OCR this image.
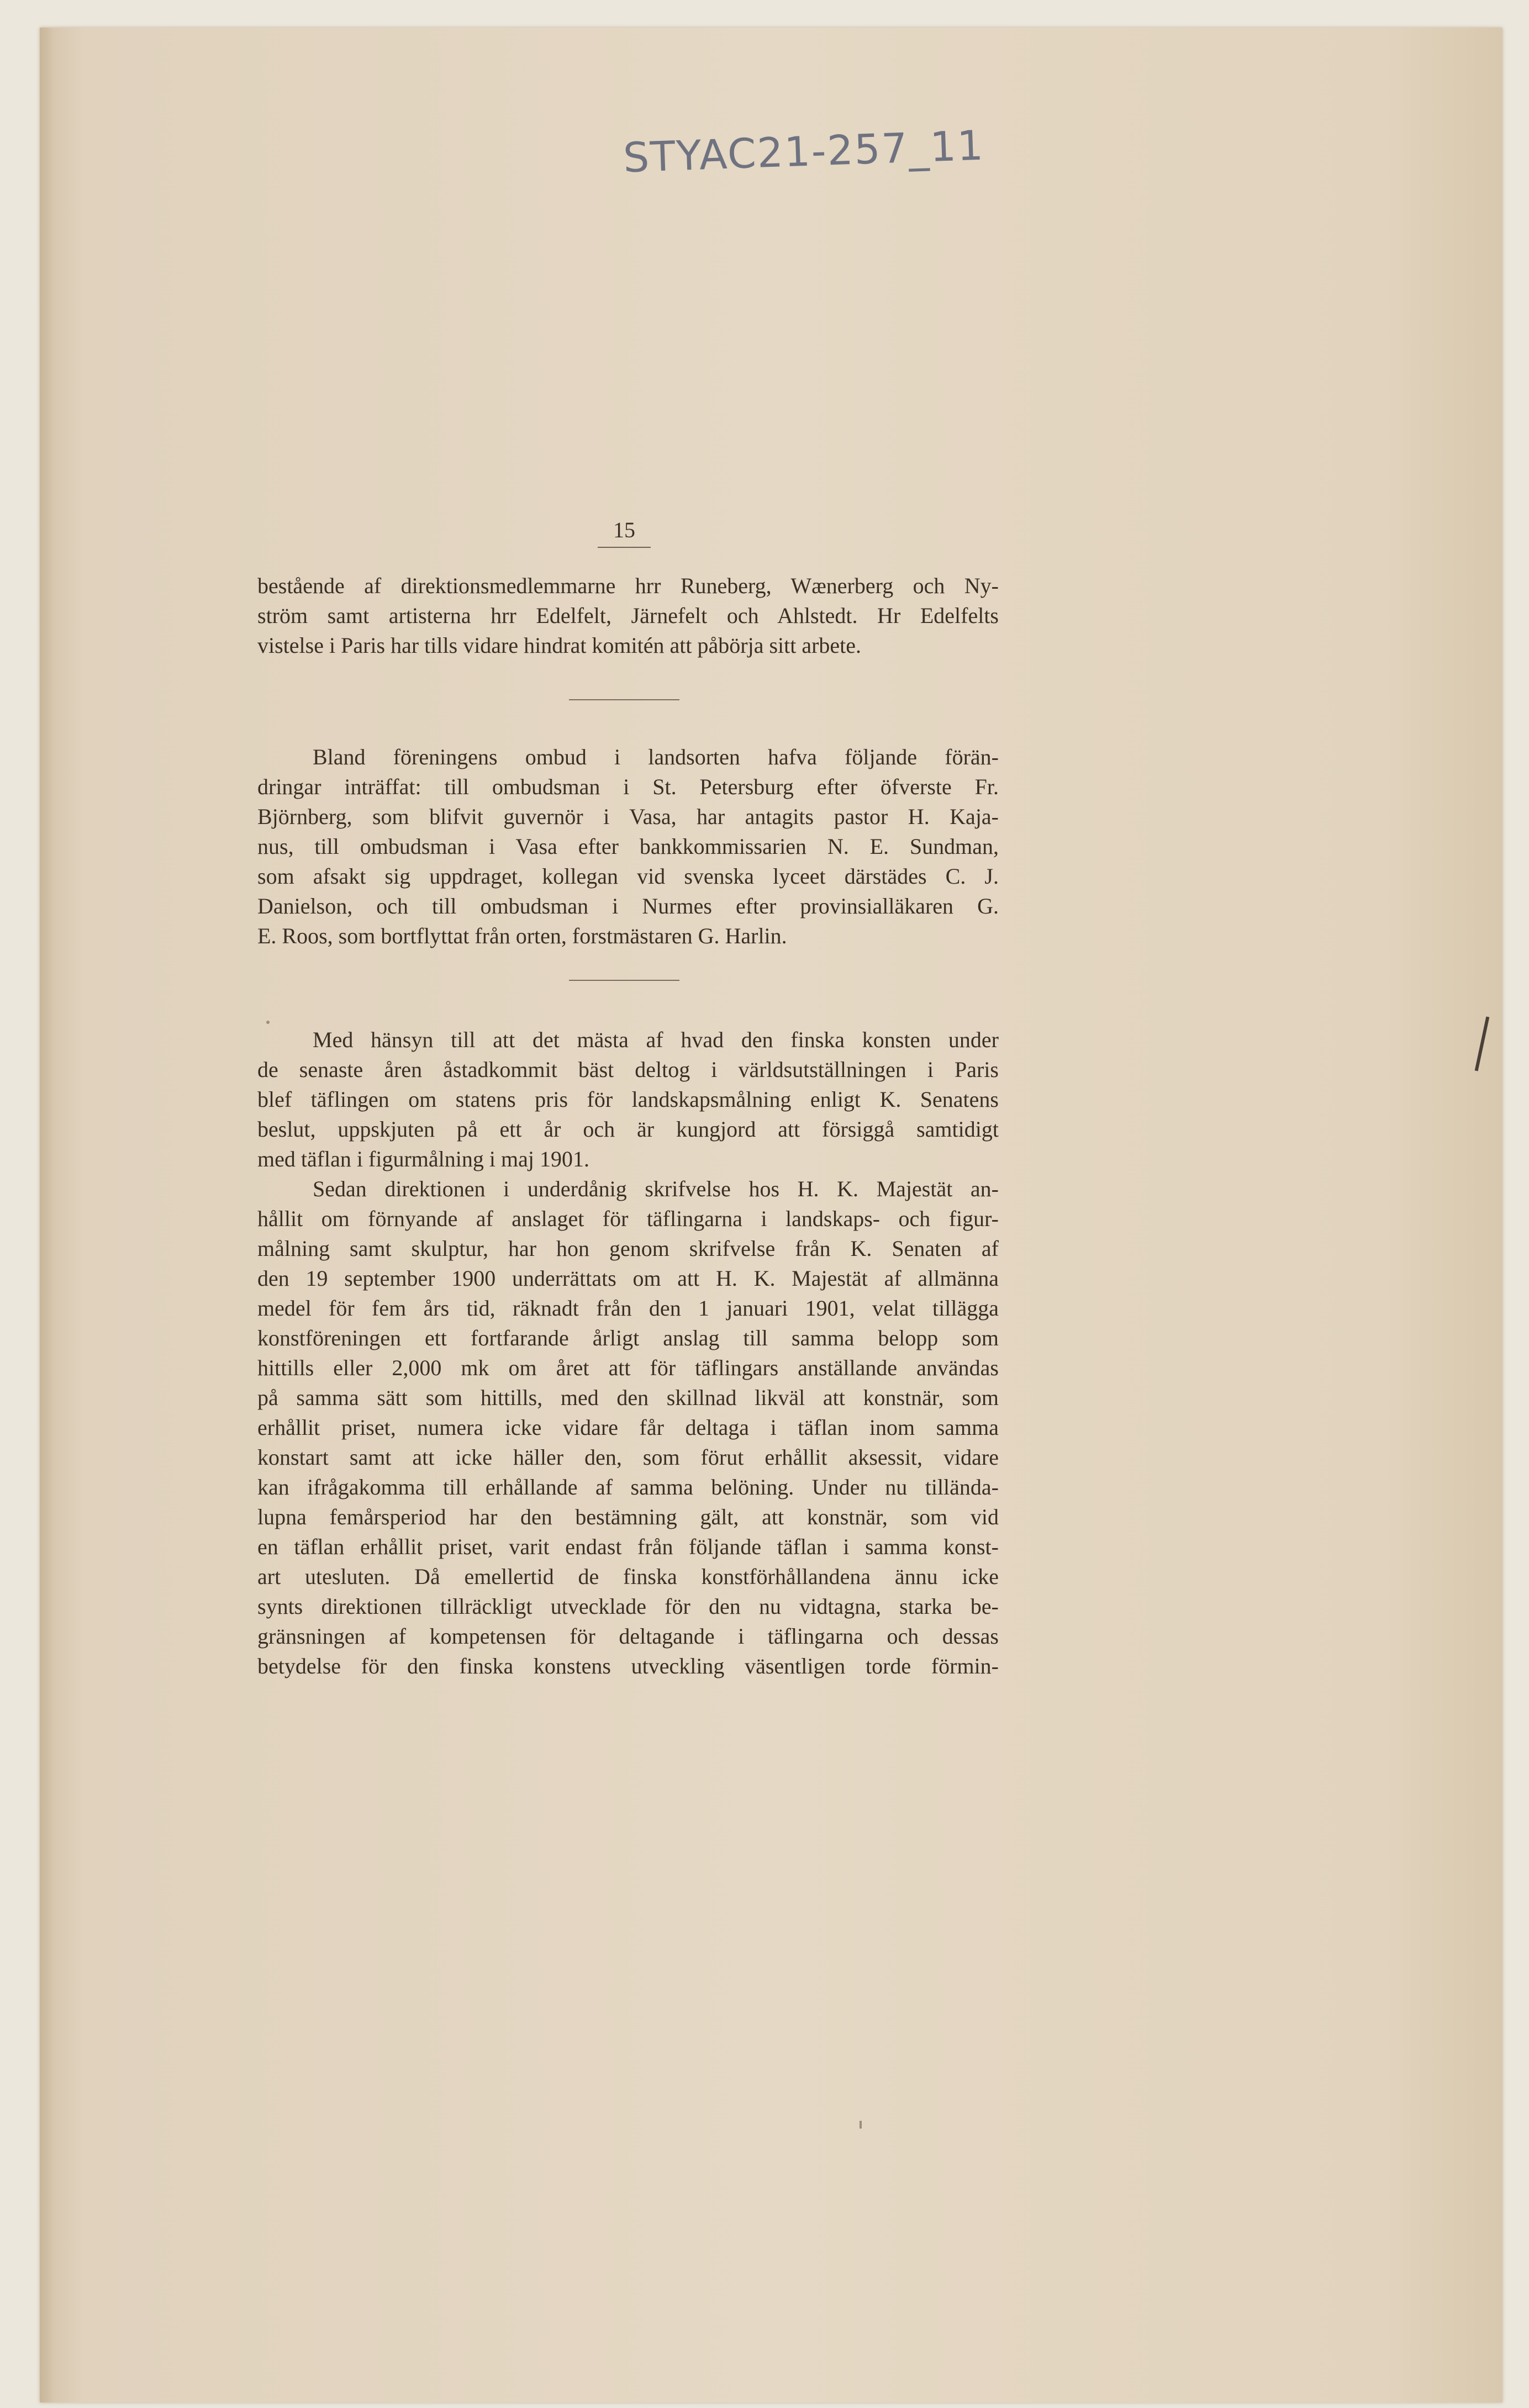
STYAC21-257_11
15
bestående af direktionsmedlemmarne hrr Runeberg, Wænerberg och Ny-
ström samt artisterna hrr Edelfelt, Järnefelt och Ahlstedt. Hr Edelfelts
vistelse i Paris har tills vidare hindrat komitén att påbörja sitt arbete.
Bland föreningens ombud i landsorten hafva följande förän-
dringar inträffat: till ombudsman i St. Petersburg efter öfverste Fr.
Björnberg, som blifvit guvernör i Vasa, har antagits pastor H. Kaja-
nus, till ombudsman i Vasa efter bankkommissarien N. E. Sundman,
som afsakt sig uppdraget, kollegan vid svenska lyceet därstädes C. J.
Danielson, och till ombudsman i Nurmes efter provinsialläkaren G.
E. Roos, som bortflyttat från orten, forstmästaren G. Harlin.
Med hänsyn till att det mästa af hvad den finska konsten under
de senaste åren åstadkommit bäst deltog i världsutställningen i Paris
blef täflingen om statens pris för landskapsmålning enligt K. Senatens
beslut, uppskjuten på ett år och är kungjord att försiggå samtidigt
med täflan i figurmålning i maj 1901.
Sedan direktionen i underdånig skrifvelse hos H. K. Majestät an-
hållit om förnyande af anslaget för täflingarna i landskaps- och figur-
målning samt skulptur, har hon genom skrifvelse från K. Senaten af
den 19 september 1900 underrättats om att H. K. Majestät af allmänna
medel för fem års tid, räknadt från den 1 januari 1901, velat tillägga
konstföreningen ett fortfarande årligt anslag till samma belopp som
hittills eller 2,000 mk om året att för täflingars anställande användas
på samma sätt som hittills, med den skillnad likväl att konstnär, som
erhållit priset, numera icke vidare får deltaga i täflan inom samma
konstart samt att icke häller den, som förut erhållit aksessit, vidare
kan ifrågakomma till erhållande af samma belöning. Under nu tillända-
lupna femårsperiod har den bestämning gält, att konstnär, som vid
en täflan erhållit priset, varit endast från följande täflan i samma konst-
art utesluten. Då emellertid de finska konstförhållandena ännu icke
synts direktionen tillräckligt utvecklade för den nu vidtagna, starka be-
gränsningen af kompetensen för deltagande i täflingarna och dessas
betydelse för den finska konstens utveckling väsentligen torde förmin-
